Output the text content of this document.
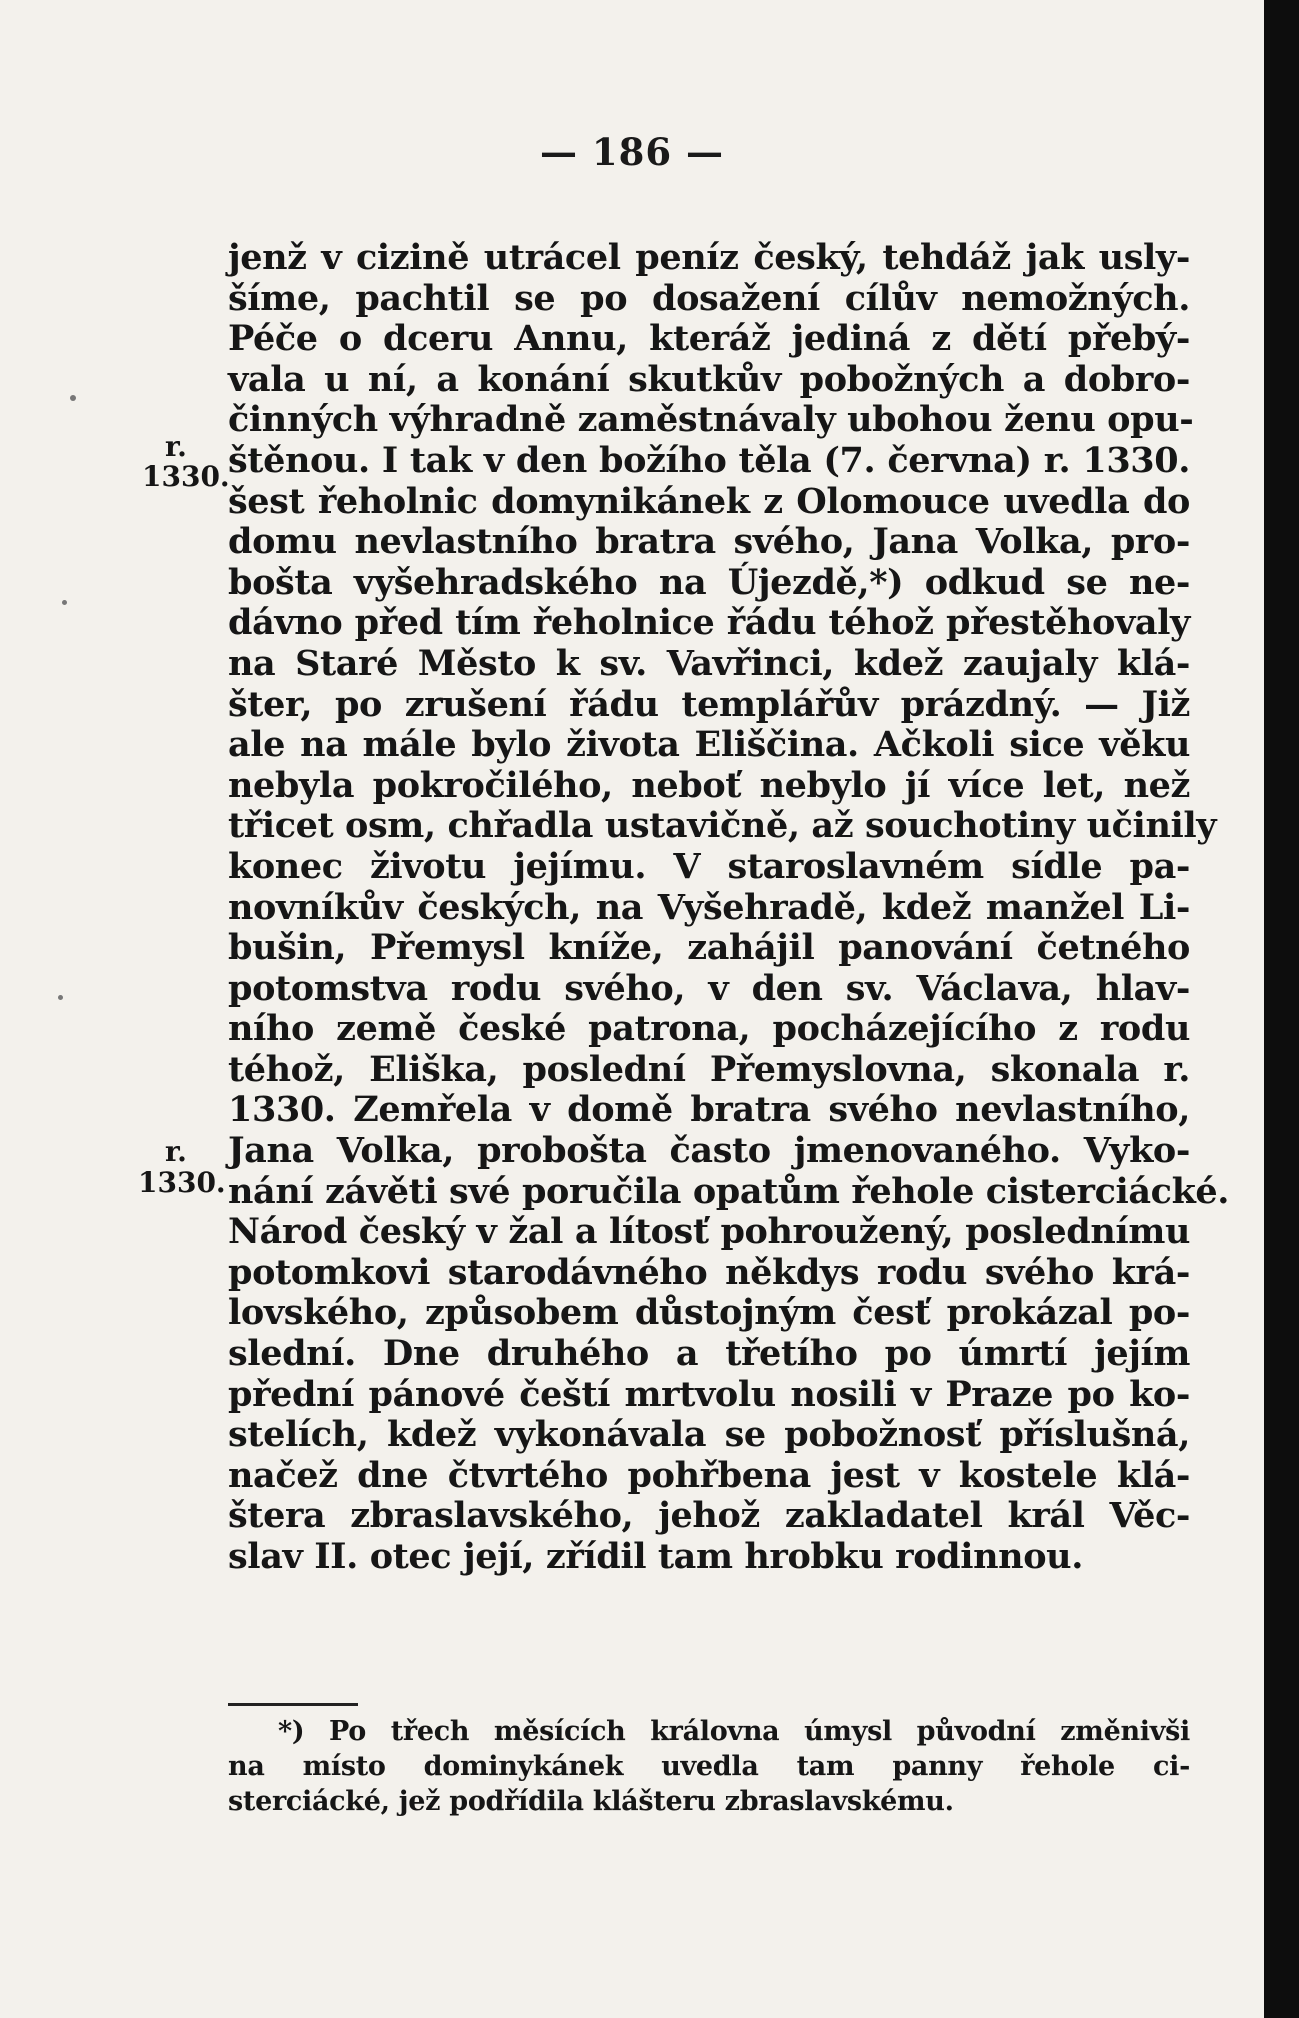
— 186 —
r.
1330.
r.
1330.
jenž v cizině utrácel peníz český, tehdáž jak usly-
šíme, pachtil se po dosažení cílův nemožných.
Péče o dceru Annu, kteráž jediná z dětí přebý-
vala u ní, a konání skutkův pobožných a dobro-
činných výhradně zaměstnávaly ubohou ženu opu-
štěnou. I tak v den božího těla (7. června) r. 1330.
šest řeholnic domynikánek z Olomouce uvedla do
domu nevlastního bratra svého, Jana Volka, pro-
bošta vyšehradského na Újezdě,*) odkud se ne-
dávno před tím řeholnice řádu téhož přestěhovaly
na Staré Město k sv. Vavřinci, kdež zaujaly klá-
šter, po zrušení řádu templářův prázdný. — Již
ale na mále bylo života Eliščina. Ačkoli sice věku
nebyla pokročilého, neboť nebylo jí více let, než
třicet osm, chřadla ustavičně, až souchotiny učinily
konec životu jejímu. V staroslavném sídle pa-
novníkův českých, na Vyšehradě, kdež manžel Li-
bušin, Přemysl kníže, zahájil panování četného
potomstva rodu svého, v den sv. Václava, hlav-
ního země české patrona, pocházejícího z rodu
téhož, Eliška, poslední Přemyslovna, skonala r.
1330. Zemřela v domě bratra svého nevlastního,
Jana Volka, probošta často jmenovaného. Vyko-
nání závěti své poručila opatům řehole cisterciácké.
Národ český v žal a lítosť pohroužený, poslednímu
potomkovi starodávného někdys rodu svého krá-
lovského, způsobem důstojným česť prokázal po-
slední. Dne druhého a třetího po úmrtí jejím
přední pánové čeští mrtvolu nosili v Praze po ko-
stelích, kdež vykonávala se pobožnosť příslušná,
načež dne čtvrtého pohřbena jest v kostele klá-
štera zbraslavského, jehož zakladatel král Věc-
slav II. otec její, zřídil tam hrobku rodinnou.
*) Po třech měsících královna úmysl původní změnivši
na místo dominykánek uvedla tam panny řehole ci-
sterciácké, jež podřídila klášteru zbraslavskému.
